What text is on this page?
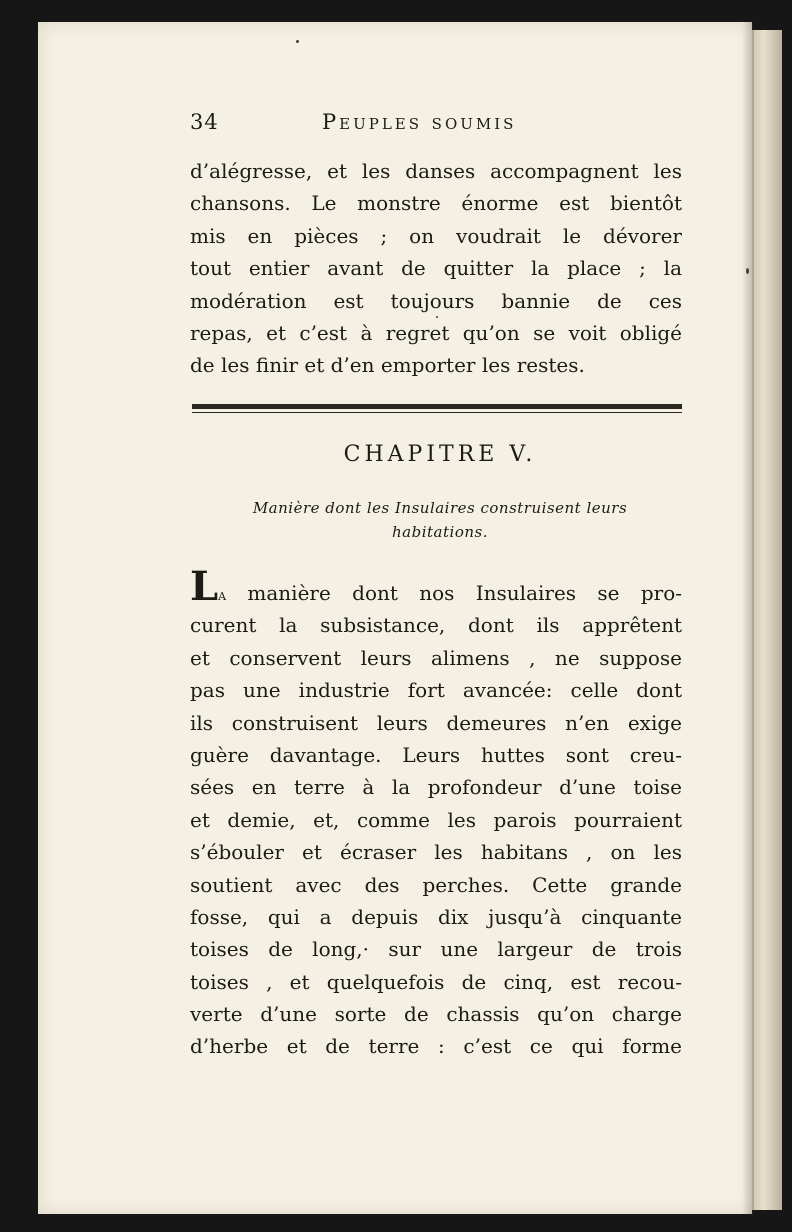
34	Peuples soumis
d’alégresse, et les danses accompagnent les
chansons. Le monstre énorme est bientôt
mis en pièces ; on voudrait le dévorer
tout entier avant de quitter la place ; la
modération est toujours bannie de ces
repas, et c’est à regret qu’on se voit obligé
de les finir et d’en emporter les restes.
CHAPITRE V.
Manière dont les Insulaires construisent leurs
habitations.
La manière dont nos Insulaires se pro-
curent la subsistance, dont ils apprêtent
et conservent leurs alimens , ne suppose
pas une industrie fort avancée: celle dont
ils construisent leurs demeures n’en exige
guère davantage. Leurs huttes sont creu-
sées en terre à la profondeur d’une toise
et demie, et, comme les parois pourraient
s’ébouler et écraser les habitans , on les
soutient avec des perches. Cette grande
fosse, qui a depuis dix jusqu’à cinquante
toises de long,· sur une largeur de trois
toises , et quelquefois de cinq, est recou-
verte d’une sorte de chassis qu’on charge
d’herbe et de terre : c’est ce qui forme
